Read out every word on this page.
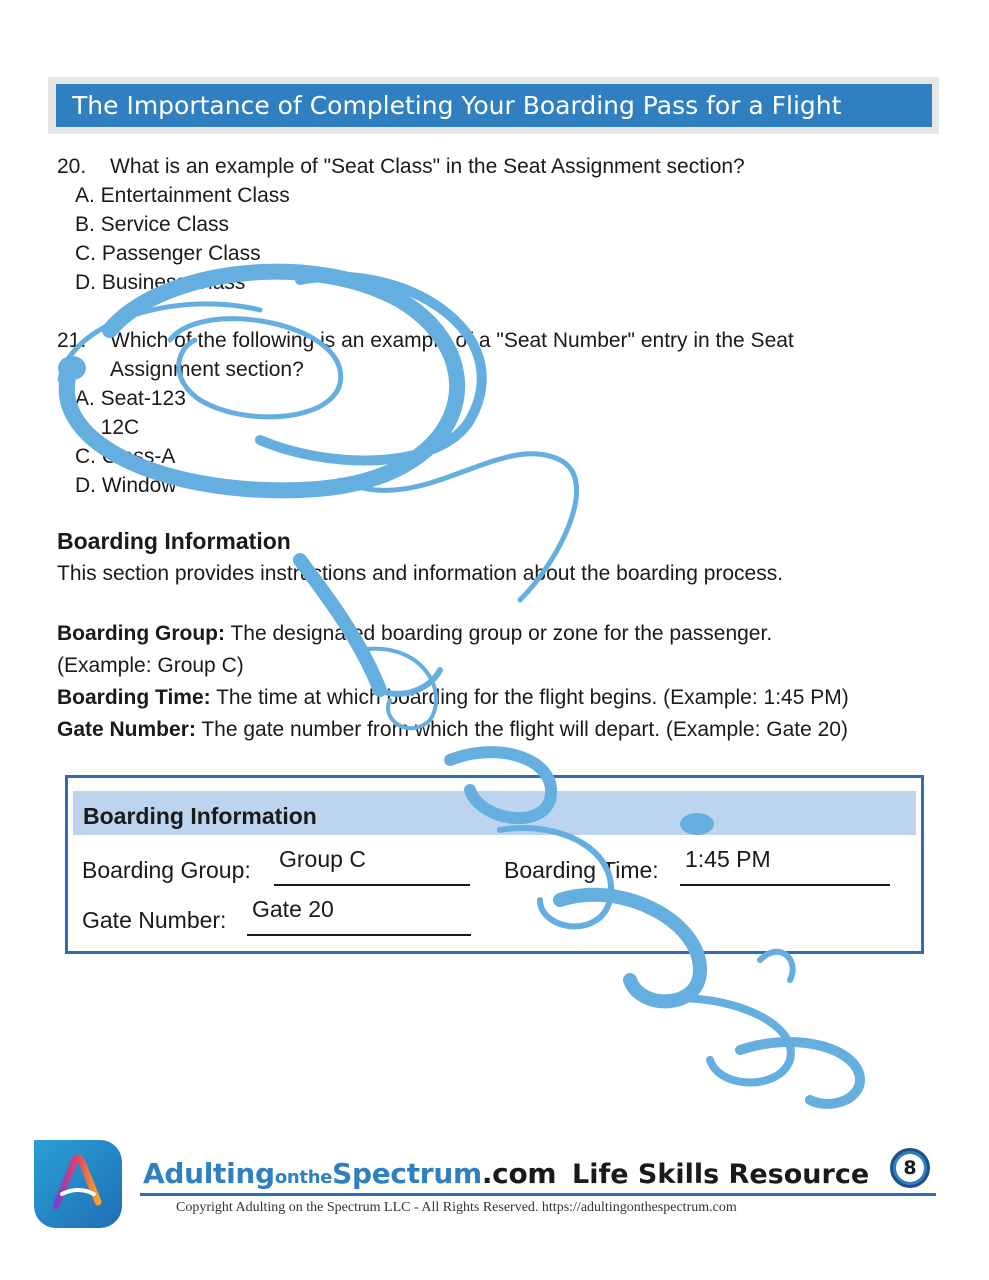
The Importance of Completing Your Boarding Pass for a Flight
20. What is an example of "Seat Class" in the Seat Assignment section?
A. Entertainment Class
B. Service Class
C. Passenger Class
D. Business Class
21. Which of the following is an example of a "Seat Number" entry in the Seat
Assignment section?
A. Seat-123
B. 12C
C. Class-A
D. Window
Boarding Information
This section provides instructions and information about the boarding process.
Boarding Group: The designated boarding group or zone for the passenger.
(Example: Group C)
Boarding Time: The time at which boarding for the flight begins. (Example: 1:45 PM)
Gate Number: The gate number from which the flight will depart. (Example: Gate 20)
Boarding Information
Boarding Group: Group C	Boarding Time: 1:45 PM
Gate Number: Gate 20
AdultingontheSpectrum.com Life Skills Resource	8
Copyright Adulting on the Spectrum LLC - All Rights Reserved. https://adultingonthespectrum.com
